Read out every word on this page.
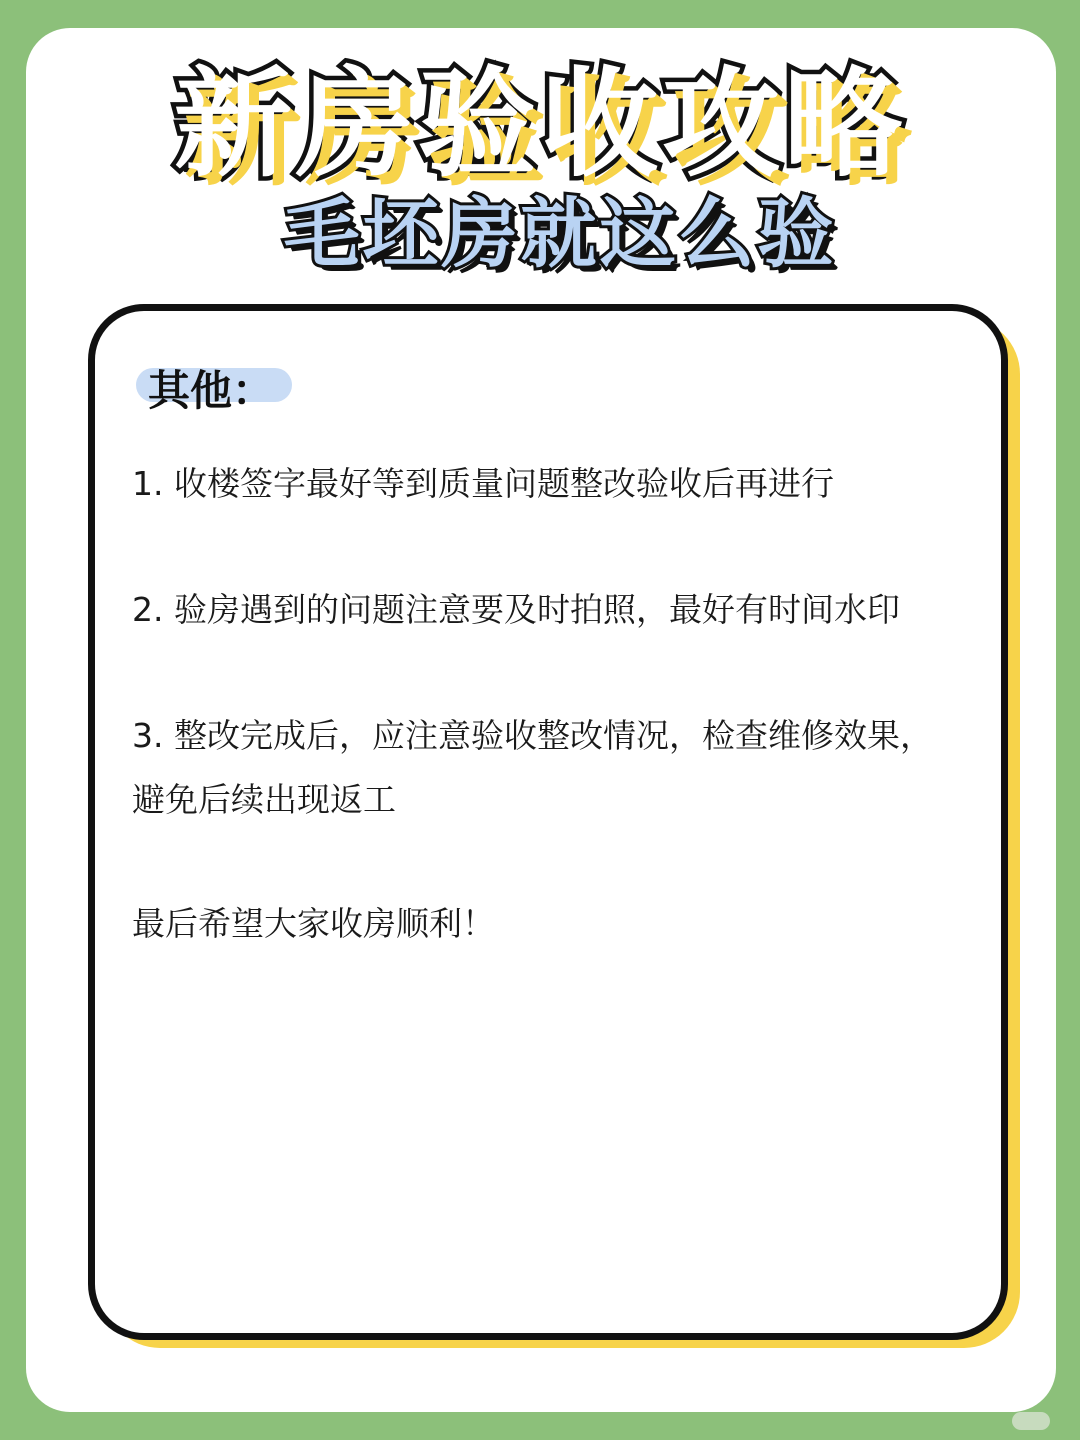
新房验收攻略
毛坯房就这么验
其他：

1. 收楼签字最好等到质量问题整改验收后再进行

2. 验房遇到的问题注意要及时拍照，最好有时间水印

3. 整改完成后，应注意验收整改情况，检查维修效果，避免后续出现返工

最后希望大家收房顺利！
